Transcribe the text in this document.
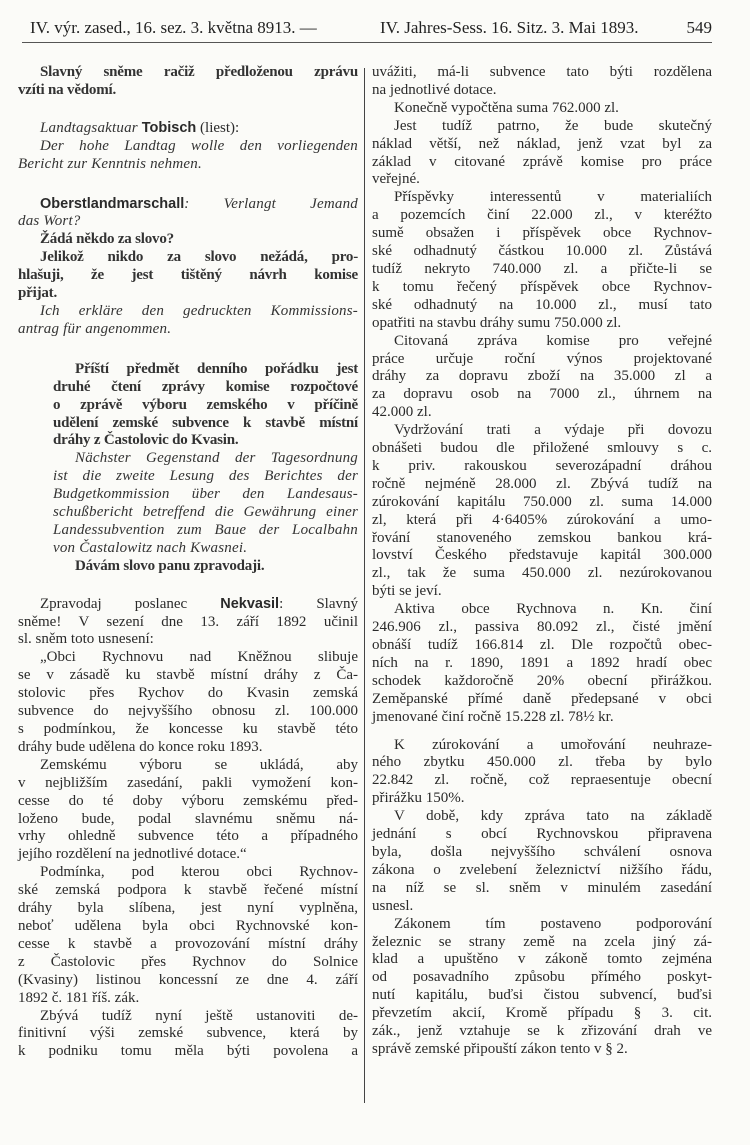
IV. výr. zased., 16. sez. 3. května 8913. —	IV. Jahres-Sess. 16. Sitz. 3. Mai 1893.	549
Slavný sněme račiž předloženou zprávu
vzíti na vědomí.
Landtagsaktuar Tobisch (liest):
Der hohe Landtag wolle den vorliegenden
Bericht zur Kenntnis nehmen.
Oberstlandmarschall: Verlangt Jemand
das Wort?
Žádá někdo za slovo?
Jelikož nikdo za slovo nežádá, pro-
hlašuji, že jest tištěný návrh komise
přijat.
Ich erkläre den gedruckten Kommissions-
antrag für angenommen.
Příští předmět denního pořádku jest
druhé čtení zprávy komise rozpočtové
o zprávě výboru zemského v příčině
udělení zemské subvence k stavbě místní
dráhy z Častolovic do Kvasin.
Nächster Gegenstand der Tagesordnung
ist die zweite Lesung des Berichtes der
Budgetkommission über den Landesaus-
schußbericht betreffend die Gewährung einer
Landessubvention zum Baue der Localbahn
von Častalowitz nach Kwasnei.
Dávám slovo panu zpravodaji.
Zpravodaj poslanec Nekvasil: Slavný
sněme! V sezení dne 13. září 1892 učinil
sl. sněm toto usnesení:
„Obci Rychnovu nad Kněžnou slibuje
se v zásadě ku stavbě místní dráhy z Ča-
stolovic přes Rychov do Kvasin zemská
subvence do nejvyššího obnosu zl. 100.000
s podmínkou, že koncesse ku stavbě této
dráhy bude udělena do konce roku 1893.
Zemskému výboru se ukládá, aby
v nejbližším zasedání, pakli vymožení kon-
cesse do té doby výboru zemskému před-
loženo bude, podal slavnému sněmu ná-
vrhy ohledně subvence této a případného
jejího rozdělení na jednotlivé dotace.“
Podmínka, pod kterou obci Rychnov-
ské zemská podpora k stavbě řečené místní
dráhy byla slíbena, jest nyní vyplněna,
neboť udělena byla obci Rychnovské kon-
cesse k stavbě a provozování místní dráhy
z Častolovic přes Rychnov do Solnice
(Kvasiny) listinou koncessní ze dne 4. září
1892 č. 181 říš. zák.
Zbývá tudíž nyní ještě ustanoviti de-
finitivní výši zemské subvence, která by
k podniku tomu měla býti povolena a
uvážiti, má-li subvence tato býti rozdělena
na jednotlivé dotace.
Konečně vypočtěna suma 762.000 zl.
Jest tudíž patrno, že bude skutečný
náklad větší, než náklad, jenž vzat byl za
základ v citované zprávě komise pro práce
veřejné.
Příspěvky interessentů v materialiích
a pozemcích činí 22.000 zl., v kteréžto
sumě obsažen i příspěvek obce Rychnov-
ské odhadnutý částkou 10.000 zl. Zůstává
tudíž nekryto 740.000 zl. a přičte-li se
k tomu řečený příspěvek obce Rychnov-
ské odhadnutý na 10.000 zl., musí tato
opatřiti na stavbu dráhy sumu 750.000 zl.
Citovaná zpráva komise pro veřejné
práce určuje roční výnos projektované
dráhy za dopravu zboží na 35.000 zl a
za dopravu osob na 7000 zl., úhrnem na
42.000 zl.
Vydržování trati a výdaje při dovozu
obnášeti budou dle přiložené smlouvy s c.
k priv. rakouskou severozápadní dráhou
ročně nejméně 28.000 zl. Zbývá tudíž na
zúrokování kapitálu 750.000 zl. suma 14.000
zl, která při 4·6405% zúrokování a umo-
řování stanoveného zemskou bankou krá-
lovství Českého představuje kapitál 300.000
zl., tak že suma 450.000 zl. nezúrokovanou
býti se jeví.
Aktiva obce Rychnova n. Kn. činí
246.906 zl., passiva 80.092 zl., čisté jmění
obnáší tudíž 166.814 zl. Dle rozpočtů obec-
ních na r. 1890, 1891 a 1892 hradí obec
schodek každoročně 20% obecní přirážkou.
Zeměpanské přímé daně předepsané v obci
jmenované činí ročně 15.228 zl. 78½ kr.
K zúrokování a umořování neuhraze-
ného zbytku 450.000 zl. třeba by bylo
22.842 zl. ročně, což repraesentuje obecní
přirážku 150%.
V době, kdy zpráva tato na základě
jednání s obcí Rychnovskou připravena
byla, došla nejvyššího schválení osnova
zákona o zvelebení železnictví nižšího řádu,
na níž se sl. sněm v minulém zasedání
usnesl.
Zákonem tím postaveno podporování
železnic se strany země na zcela jiný zá-
klad a upuštěno v zákoně tomto zejména
od posavadního způsobu přímého poskyt-
nutí kapitálu, buďsi čistou subvencí, buďsi
převzetím akcií, Kromě případu § 3. cit.
zák., jenž vztahuje se k zřizování drah ve
správě zemské připouští zákon tento v § 2.
